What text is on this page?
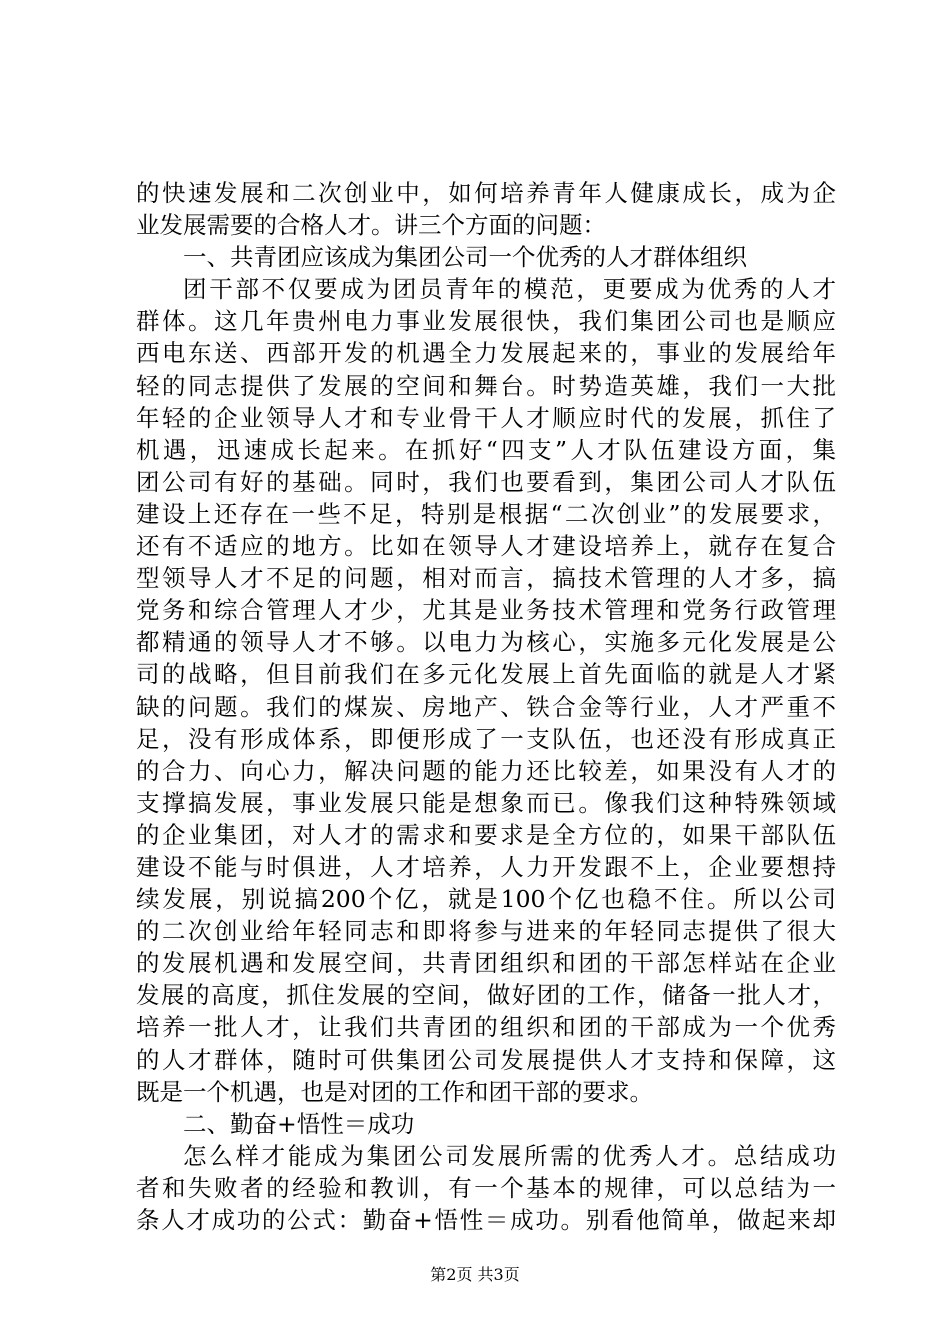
的快速发展和二次创业中，如何培养青年人健康成长，成为企
业发展需要的合格人才。讲三个方面的问题：
一、共青团应该成为集团公司一个优秀的人才群体组织
团干部不仅要成为团员青年的模范，更要成为优秀的人才
群体。这几年贵州电力事业发展很快，我们集团公司也是顺应
西电东送、西部开发的机遇全力发展起来的，事业的发展给年
轻的同志提供了发展的空间和舞台。时势造英雄，我们一大批
年轻的企业领导人才和专业骨干人才顺应时代的发展，抓住了
机遇，迅速成长起来。在抓好“四支”人才队伍建设方面，集
团公司有好的基础。同时，我们也要看到，集团公司人才队伍
建设上还存在一些不足，特别是根据“二次创业”的发展要求，
还有不适应的地方。比如在领导人才建设培养上，就存在复合
型领导人才不足的问题，相对而言，搞技术管理的人才多，搞
党务和综合管理人才少，尤其是业务技术管理和党务行政管理
都精通的领导人才不够。以电力为核心，实施多元化发展是公
司的战略，但目前我们在多元化发展上首先面临的就是人才紧
缺的问题。我们的煤炭、房地产、铁合金等行业，人才严重不
足，没有形成体系，即便形成了一支队伍，也还没有形成真正
的合力、向心力，解决问题的能力还比较差，如果没有人才的
支撑搞发展，事业发展只能是想象而已。像我们这种特殊领域
的企业集团，对人才的需求和要求是全方位的，如果干部队伍
建设不能与时俱进，人才培养，人力开发跟不上，企业要想持
续发展，别说搞200个亿，就是100个亿也稳不住。所以公司
的二次创业给年轻同志和即将参与进来的年轻同志提供了很大
的发展机遇和发展空间，共青团组织和团的干部怎样站在企业
发展的高度，抓住发展的空间，做好团的工作，储备一批人才，
培养一批人才，让我们共青团的组织和团的干部成为一个优秀
的人才群体，随时可供集团公司发展提供人才支持和保障，这
既是一个机遇，也是对团的工作和团干部的要求。
二、勤奋+悟性＝成功
怎么样才能成为集团公司发展所需的优秀人才。总结成功
者和失败者的经验和教训，有一个基本的规律，可以总结为一
条人才成功的公式：勤奋+悟性＝成功。别看他简单，做起来却
第2页 共3页
